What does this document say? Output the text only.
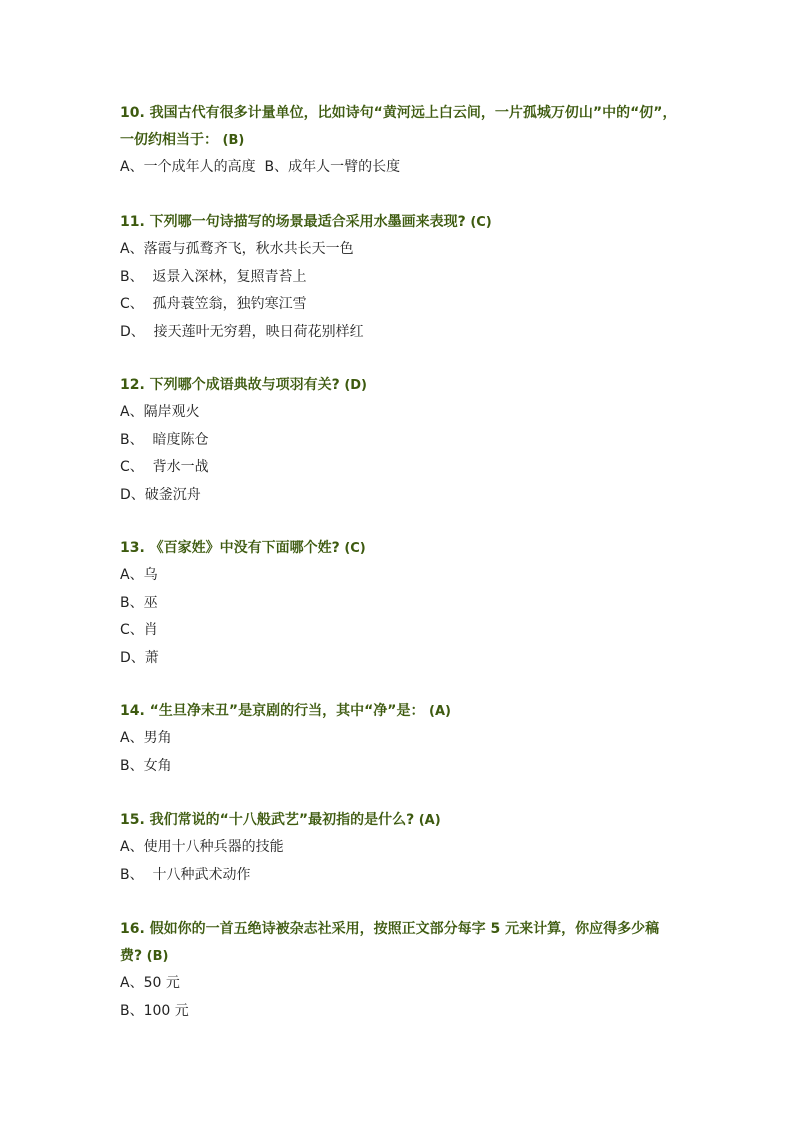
10. 我国古代有很多计量单位，比如诗句“黄河远上白云间，一片孤城万仞山”中的“仞”，一仞约相当于： (B)

A、一个成年人的高度  B、成年人一臂的长度

11. 下列哪一句诗描写的场景最适合采用水墨画来表现? (C)

A、落霞与孤鹜齐飞，秋水共长天一色

B、  返景入深林，复照青苔上

C、  孤舟蓑笠翁，独钓寒江雪

D、  接天莲叶无穷碧，映日荷花别样红

12. 下列哪个成语典故与项羽有关? (D)

A、隔岸观火

B、  暗度陈仓

C、  背水一战

D、破釜沉舟

13. 《百家姓》中没有下面哪个姓? (C)

A、乌

B、巫

C、肖

D、萧

14. “生旦净末丑”是京剧的行当，其中“净”是： (A)

A、男角

B、女角

15. 我们常说的“十八般武艺”最初指的是什么? (A)

A、使用十八种兵器的技能

B、  十八种武术动作

16. 假如你的一首五绝诗被杂志社采用，按照正文部分每字 5 元来计算，你应得多少稿费? (B)

A、50 元

B、100 元
